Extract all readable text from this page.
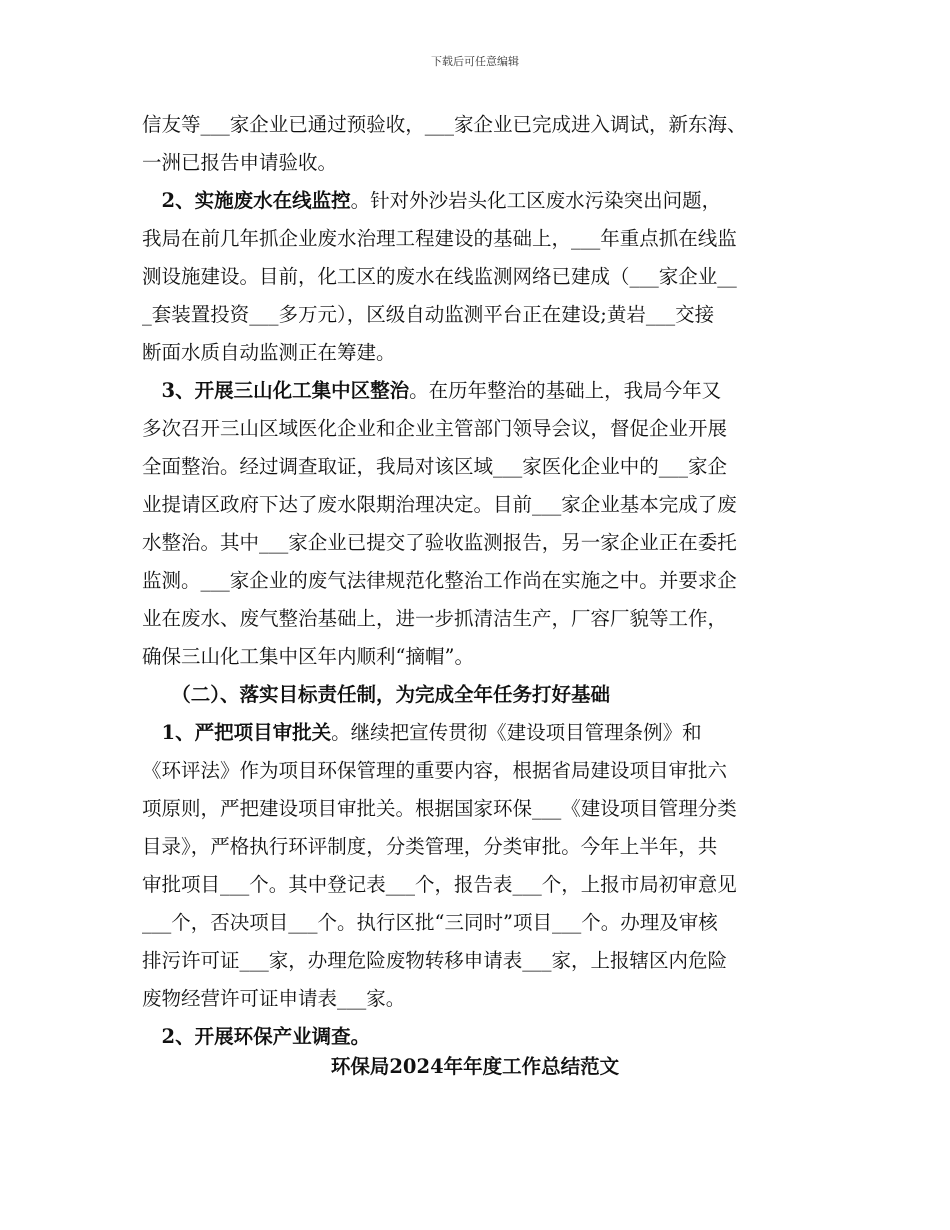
下载后可任意编辑
信友等___家企业已通过预验收，___家企业已完成进入调试，新东海、
一洲已报告申请验收。
　2、实施废水在线监控。针对外沙岩头化工区废水污染突出问题，
我局在前几年抓企业废水治理工程建设的基础上，___年重点抓在线监
测设施建设。目前，化工区的废水在线监测网络已建成（___家企业__
_套装置投资___多万元），区级自动监测平台正在建设;黄岩___交接
断面水质自动监测正在筹建。
　3、开展三山化工集中区整治。在历年整治的基础上，我局今年又
多次召开三山区域医化企业和企业主管部门领导会议，督促企业开展
全面整治。经过调查取证，我局对该区域___家医化企业中的___家企
业提请区政府下达了废水限期治理决定。目前___家企业基本完成了废
水整治。其中___家企业已提交了验收监测报告，另一家企业正在委托
监测。___家企业的废气法律规范化整治工作尚在实施之中。并要求企
业在废水、废气整治基础上，进一步抓清洁生产，厂容厂貌等工作，
确保三山化工集中区年内顺利“摘帽”。
　　（二）、落实目标责任制，为完成全年任务打好基础
　1、严把项目审批关。继续把宣传贯彻《建设项目管理条例》和
《环评法》作为项目环保管理的重要内容，根据省局建设项目审批六
项原则，严把建设项目审批关。根据国家环保___《建设项目管理分类
目录》，严格执行环评制度，分类管理，分类审批。今年上半年，共
审批项目___个。其中登记表___个，报告表___个，上报市局初审意见
___个，否决项目___个。执行区批“三同时”项目___个。办理及审核
排污许可证___家，办理危险废物转移申请表___家，上报辖区内危险
废物经营许可证申请表___家。
　2、开展环保产业调查。
环保局2024年年度工作总结范文
